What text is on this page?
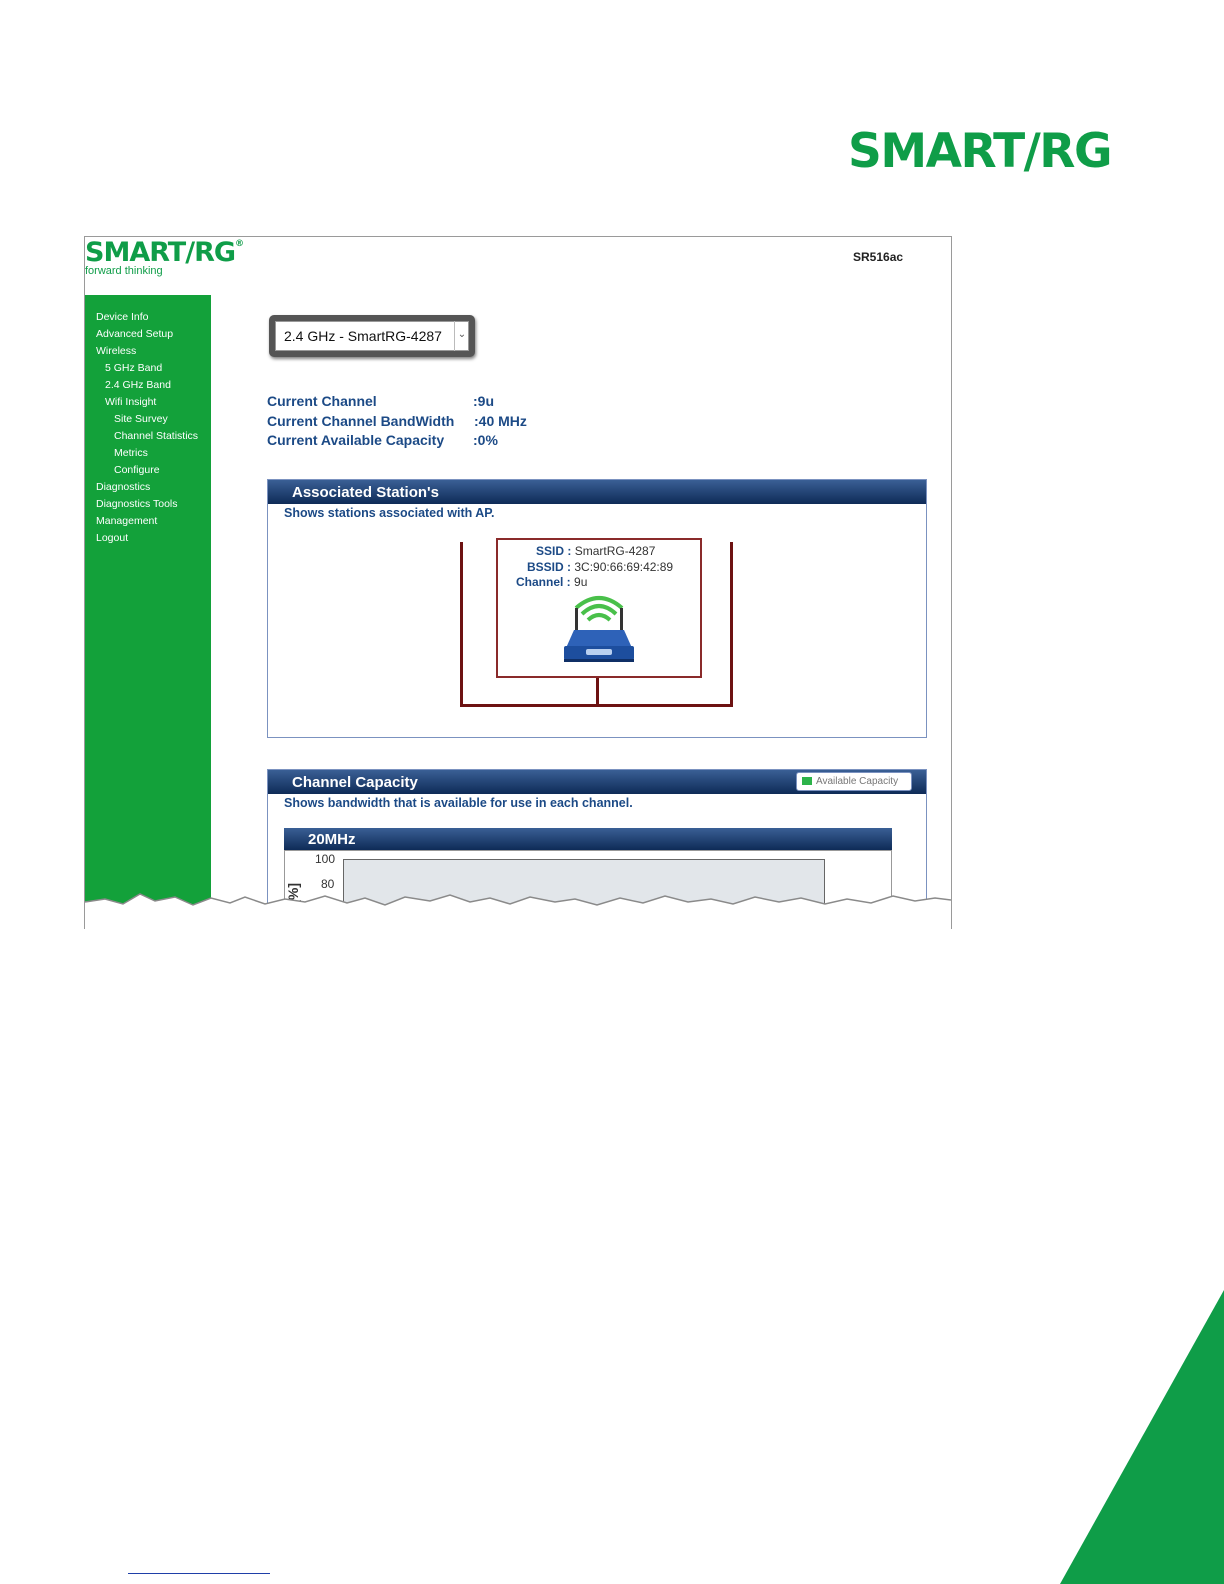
SMART/RG
SMART/RG®
forward thinking
SR516ac
Device Info
Advanced Setup
Wireless
5 GHz Band
2.4 GHz Band
Wifi Insight
Site Survey
Channel Statistics
Metrics
Configure
Diagnostics
Diagnostics Tools
Management
Logout
2.4 GHz - SmartRG-4287	⌄
Current Channel	:9u
Current Channel BandWidth :40 MHz
Current Available Capacity :0%
Associated Station's
Shows stations associated with AP.
SSID : SmartRG-4287
BSSID : 3C:90:66:69:42:89
Channel : 9u
Channel Capacity
Shows bandwidth that is available for use in each channel.
20MHz
100
80
Available Capacity
